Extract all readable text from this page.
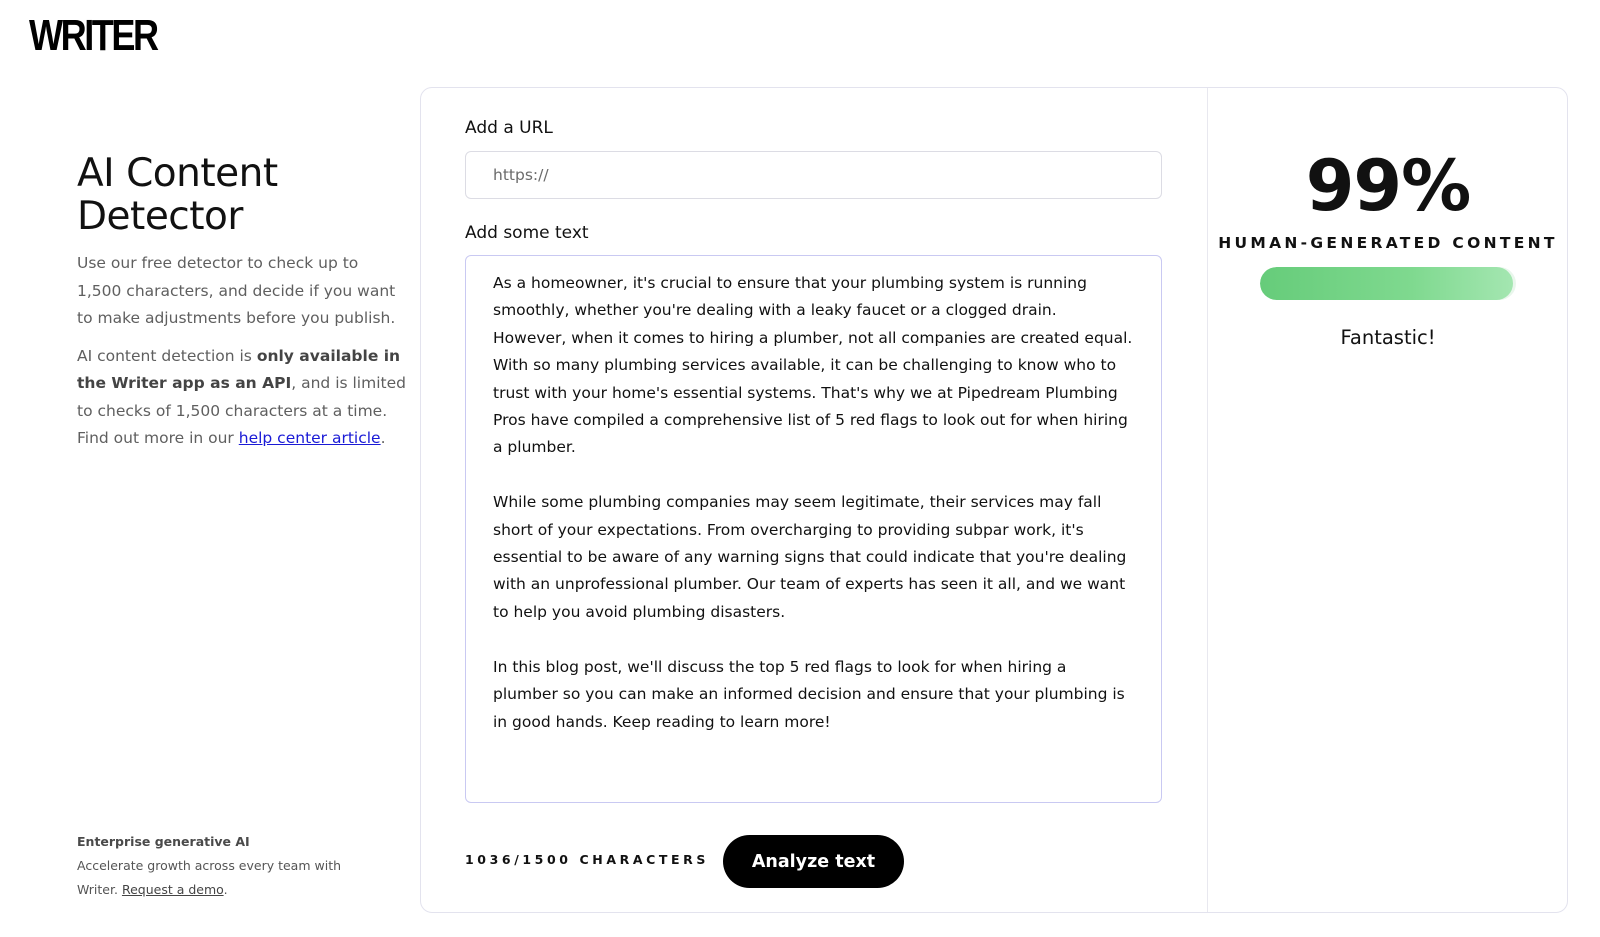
WRITER
AI Content Detector

Use our free detector to check up to 1,500 characters, and decide if you want to make adjustments before you publish.

AI content detection is only available in the Writer app as an API, and is limited to checks of 1,500 characters at a time. Find out more in our help center article.

Enterprise generative AI
Accelerate growth across every team with Writer. Request a demo.
Add a URL
https://
Add some text
As a homeowner, it's crucial to ensure that your plumbing system is running smoothly, whether you're dealing with a leaky faucet or a clogged drain. However, when it comes to hiring a plumber, not all companies are created equal. With so many plumbing services available, it can be challenging to know who to trust with your home's essential systems. That's why we at Pipedream Plumbing Pros have compiled a comprehensive list of 5 red flags to look out for when hiring a plumber. While some plumbing companies may seem legitimate, their services may fall short of your expectations. From overcharging to providing subpar work, it's essential to be aware of any warning signs that could indicate that you're dealing with an unprofessional plumber. Our team of experts has seen it all, and we want to help you avoid plumbing disasters. In this blog post, we'll discuss the top 5 red flags to look for when hiring a plumber so you can make an informed decision and ensure that your plumbing is in good hands. Keep reading to learn more!
1036/1500 CHARACTERS	Analyze text
99%
HUMAN-GENERATED CONTENT
Fantastic!
